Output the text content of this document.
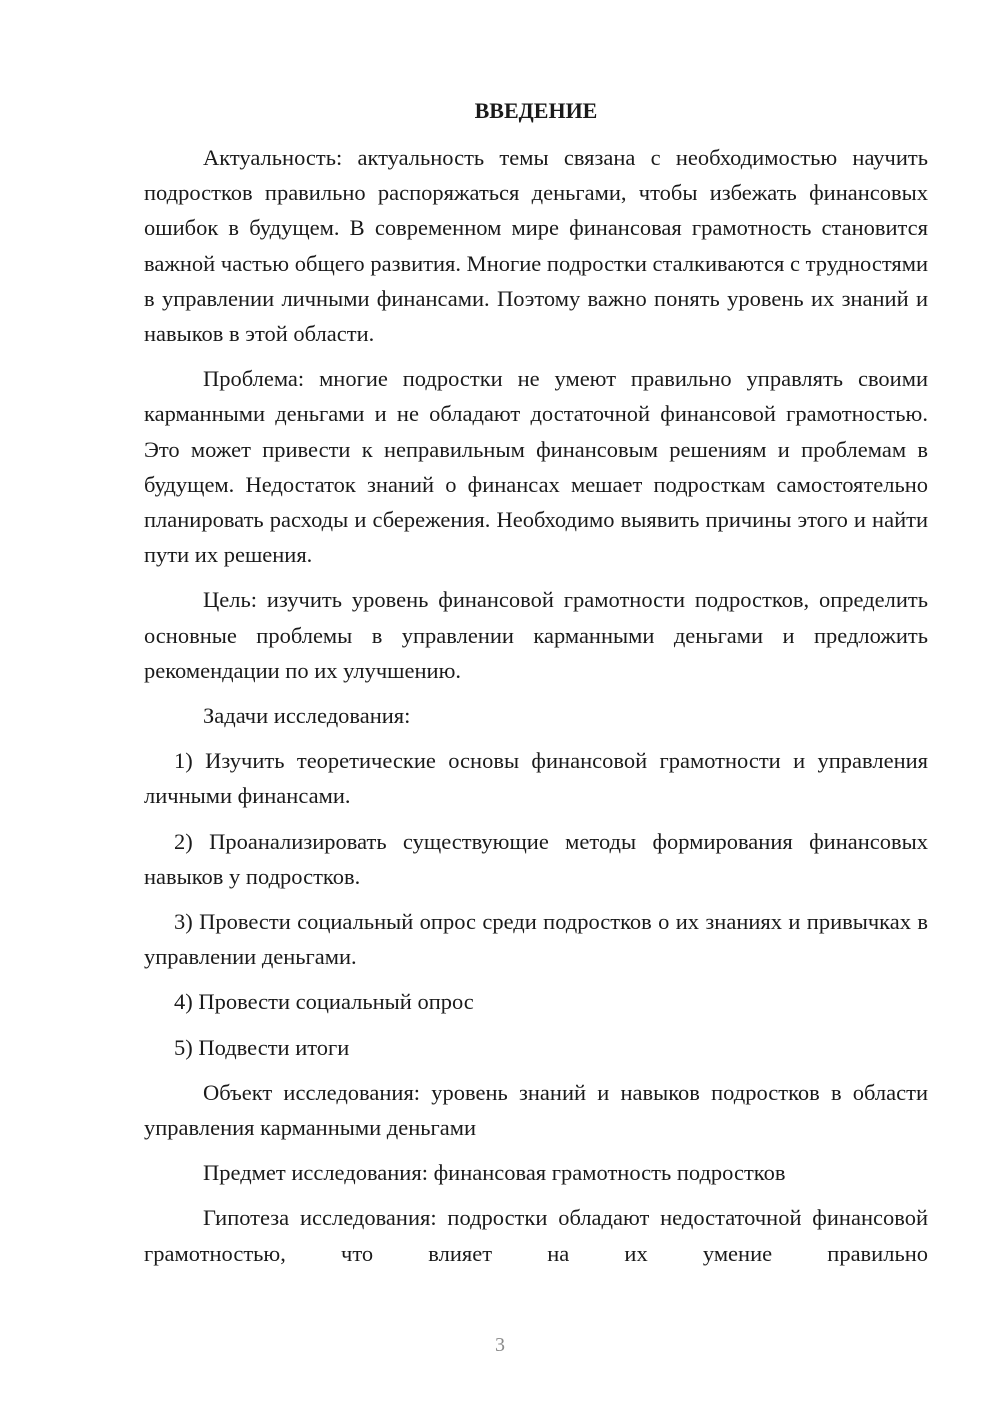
ВВЕДЕНИЕ

Актуальность: актуальность темы связана с необходимостью научить подростков правильно распоряжаться деньгами, чтобы избежать финансовых ошибок в будущем. В современном мире финансовая грамотность становится важной частью общего развития. Многие подростки сталкиваются с трудностями в управлении личными финансами. Поэтому важно понять уровень их знаний и навыков в этой области.

Проблема: многие подростки не умеют правильно управлять своими карманными деньгами и не обладают достаточной финансовой грамотностью. Это может привести к неправильным финансовым решениям и проблемам в будущем. Недостаток знаний о финансах мешает подросткам самостоятельно планировать расходы и сбережения. Необходимо выявить причины этого и найти пути их решения.

Цель: изучить уровень финансовой грамотности подростков, определить основные проблемы в управлении карманными деньгами и предложить рекомендации по их улучшению.

Задачи исследования:

1) Изучить теоретические основы финансовой грамотности и управления личными финансами.

2) Проанализировать существующие методы формирования финансовых навыков у подростков.

3) Провести социальный опрос среди подростков о их знаниях и привычках в управлении деньгами.

4) Провести социальный опрос

5) Подвести итоги

Объект исследования: уровень знаний и навыков подростков в области управления карманными деньгами

Предмет исследования: финансовая грамотность подростков

Гипотеза исследования: подростки обладают недостаточной финансовой грамотностью, что влияет на их умение правильно

3
